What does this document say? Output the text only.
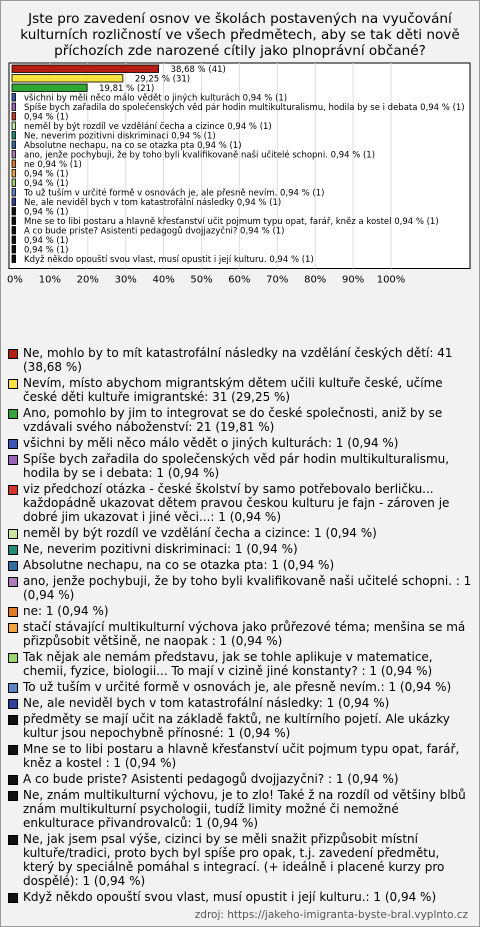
Jste pro zavedení osnov ve školách postavených na vyučování kulturních rozličností ve všech předmětech, aby se tak děti nově příchozích zde narozené cítily jako plnoprávní občané?
0% 10% 20% 30% 40% 50% 60% 70% 80% 90% 100%
38,68 % (41)
29,25 % (31)
19,81 % (21)
všichni by měli něco málo vědět o jiných kulturách 0,94 % (1)
Spíše bych zařadila do společenských věd pár hodin multikulturalismu, hodila by se i debata 0,94 % (1)
0,94 % (1)
neměl by být rozdíl ve vzdělání čecha a cizince 0,94 % (1)
Ne, neverim pozitivni diskriminaci 0,94 % (1)
Absolutne nechapu, na co se otazka pta 0,94 % (1)
ano, jenže pochybuji, že by toho byli kvalifikovaně naši učitelé schopni. 0,94 % (1)
ne 0,94 % (1)
0,94 % (1)
0,94 % (1)
To už tuším v určité formě v osnovách je, ale přesně nevím. 0,94 % (1)
Ne, ale neviděl bych v tom katastrofální následky 0,94 % (1)
0,94 % (1)
Mne se to libi postaru a hlavně křesťanství učit pojmum typu opat, farář, kněz a kostel 0,94 % (1)
A co bude priste? Asistenti pedagogů dvojjazyčni? 0,94 % (1)
0,94 % (1)
0,94 % (1)
Když někdo opouští svou vlast, musí opustit i její kulturu. 0,94 % (1)
Ne, mohlo by to mít katastrofální následky na vzdělání českých dětí: 41 (38,68 %)
Nevím, místo abychom migrantským dětem učili kultuře české, učíme české děti kultuře imigrantské: 31 (29,25 %)
Ano, pomohlo by jim to integrovat se do české společnosti, aniž by se vzdávali svého náboženství: 21 (19,81 %)
všichni by měli něco málo vědět o jiných kulturách: 1 (0,94 %)
Spíše bych zařadila do společenských věd pár hodin multikulturalismu, hodila by se i debata: 1 (0,94 %)
viz předchozí otázka - české školství by samo potřebovalo berličku... každopádně ukazovat dětem pravou českou kulturu je fajn - zároven je dobré jim ukazovat i jiné věci...: 1 (0,94 %)
neměl by být rozdíl ve vzdělání čecha a cizince: 1 (0,94 %)
Ne, neverim pozitivni diskriminaci: 1 (0,94 %)
Absolutne nechapu, na co se otazka pta: 1 (0,94 %)
ano, jenže pochybuji, že by toho byli kvalifikovaně naši učitelé schopni. : 1 (0,94 %)
ne: 1 (0,94 %)
stačí stávající multikulturní výchova jako průřezové téma; menšina se má přizpůsobit většině, ne naopak : 1 (0,94 %)
Tak nějak ale nemám představu, jak se tohle aplikuje v matematice, chemii, fyzice, biologii... To mají v cizině jiné konstanty? : 1 (0,94 %)
To už tuším v určité formě v osnovách je, ale přesně nevím.: 1 (0,94 %)
Ne, ale neviděl bych v tom katastrofální následky: 1 (0,94 %)
předměty se mají učit na základě faktů, ne kultírního pojetí. Ale ukázky kultur jsou nepochybně přínosné: 1 (0,94 %)
Mne se to libi postaru a hlavně křesťanství učit pojmum typu opat, farář, kněz a kostel : 1 (0,94 %)
A co bude priste? Asistenti pedagogů dvojjazyčni? : 1 (0,94 %)
Ne, znám multikulturní výchovu, je to zlo! Také ž na rozdíl od většiny blbů znám multikulturní psychologii, tudíž limity možné či nemožné enkulturace přivandrovalců: 1 (0,94 %)
Ne, jak jsem psal výše, cizinci by se měli snažit přizpůsobit místní kultuře/tradici, proto bych byl spíše pro opak, t.j. zavedení předmětu, který by speciálně pomáhal s integrací. (+ ideálně i placené kurzy pro dospělé): 1 (0,94 %)
Když někdo opouští svou vlast, musí opustit i její kulturu.: 1 (0,94 %)
zdroj: https://jakeho-imigranta-byste-bral.vyplnto.cz
